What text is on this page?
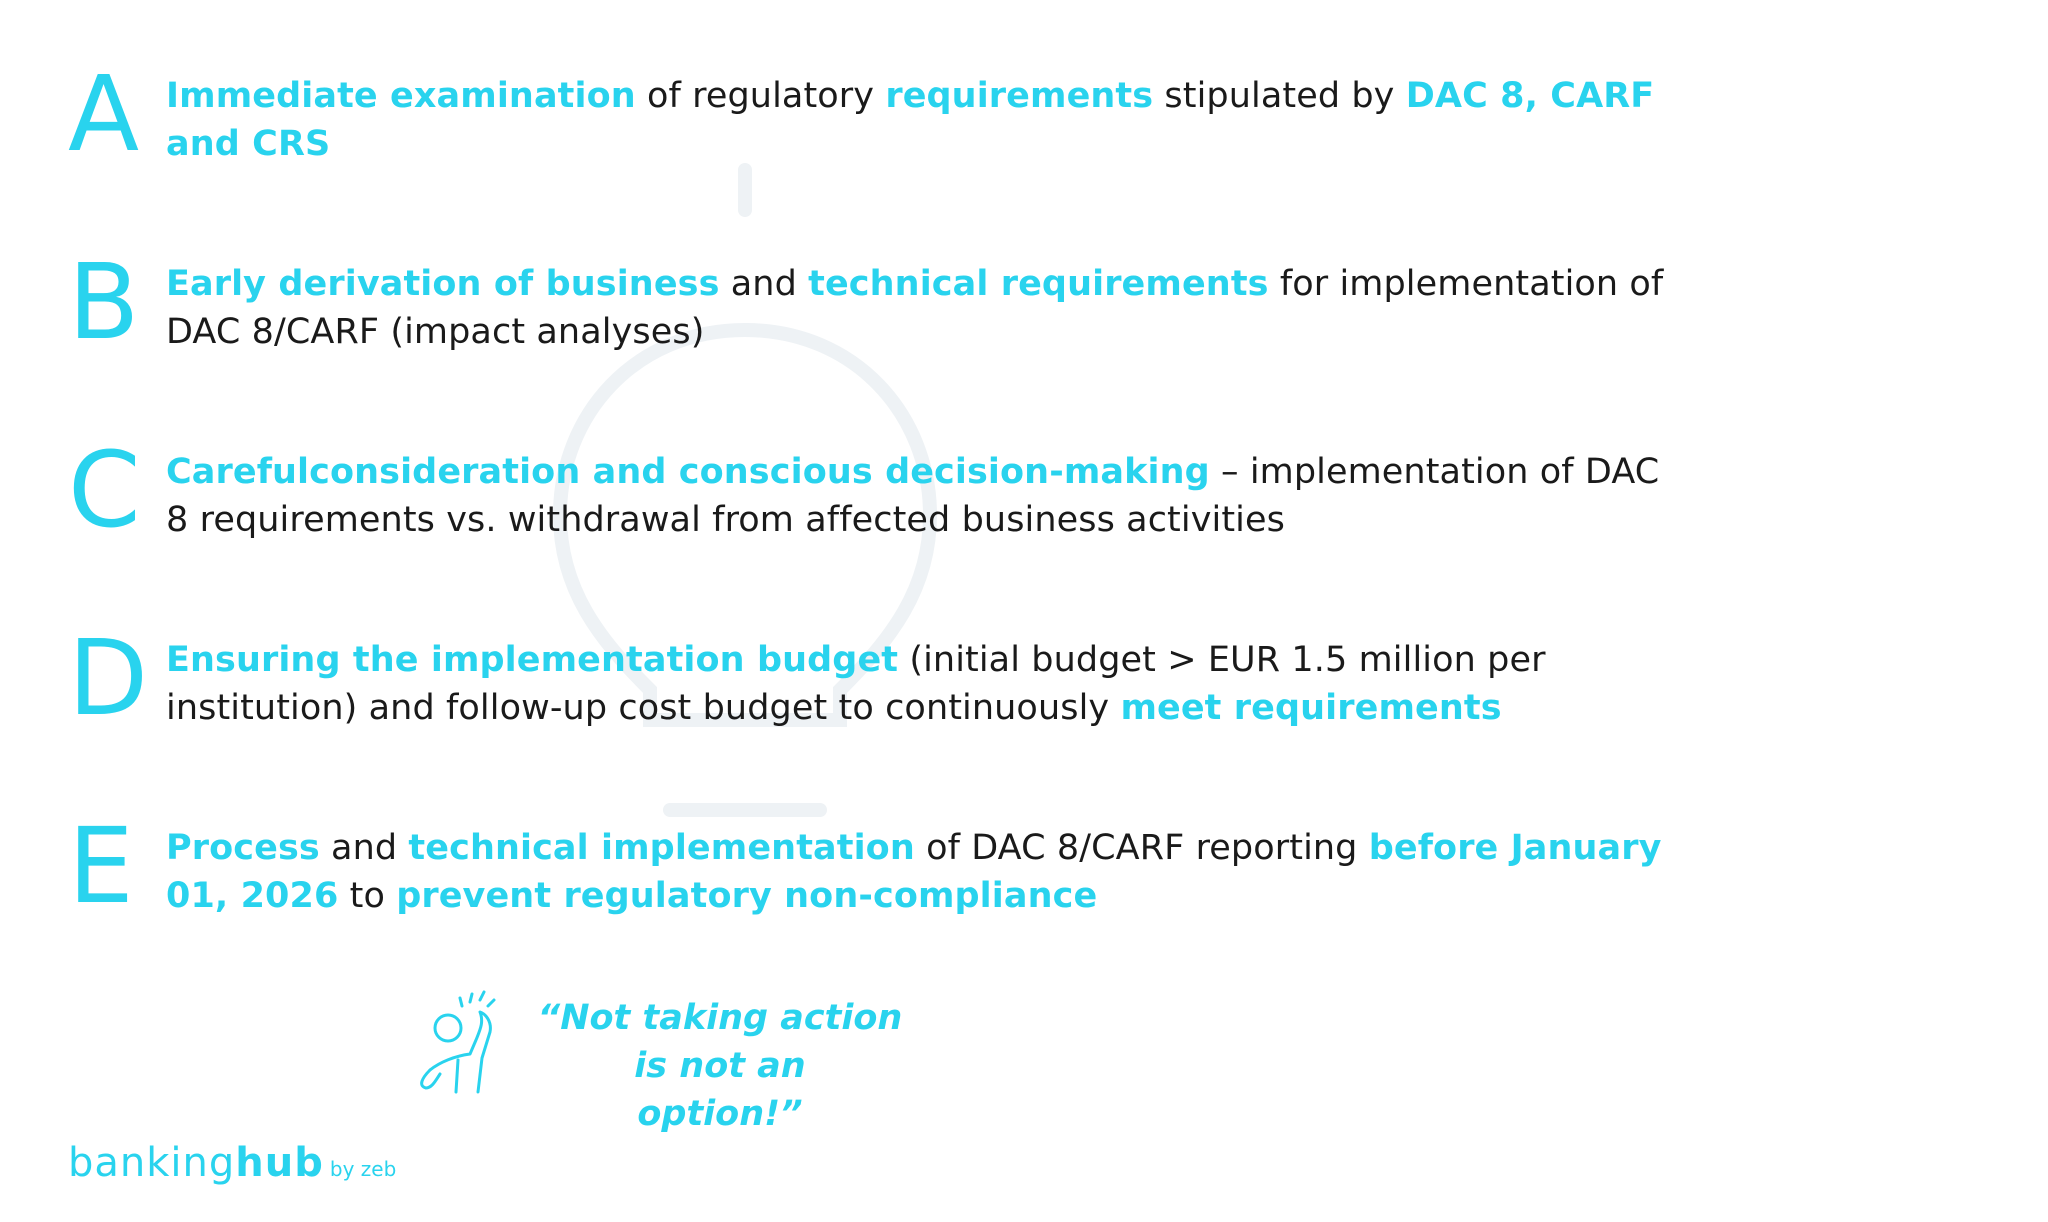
A Immediate examination of regulatory requirements stipulated by DAC 8, CARF and CRS
B Early derivation of business and technical requirements for implementation of DAC 8/CARF (impact analyses)
C Carefulconsideration and conscious decision-making – implementation of DAC 8 requirements vs. withdrawal from affected business activities
D Ensuring the implementation budget (initial budget > EUR 1.5 million per institution) and follow-up cost budget to continuously meet requirements
E Process and technical implementation of DAC 8/CARF reporting before January 01, 2026 to prevent regulatory non-compliance
“Not taking action is not an
option!”
bankinghub by zeb
